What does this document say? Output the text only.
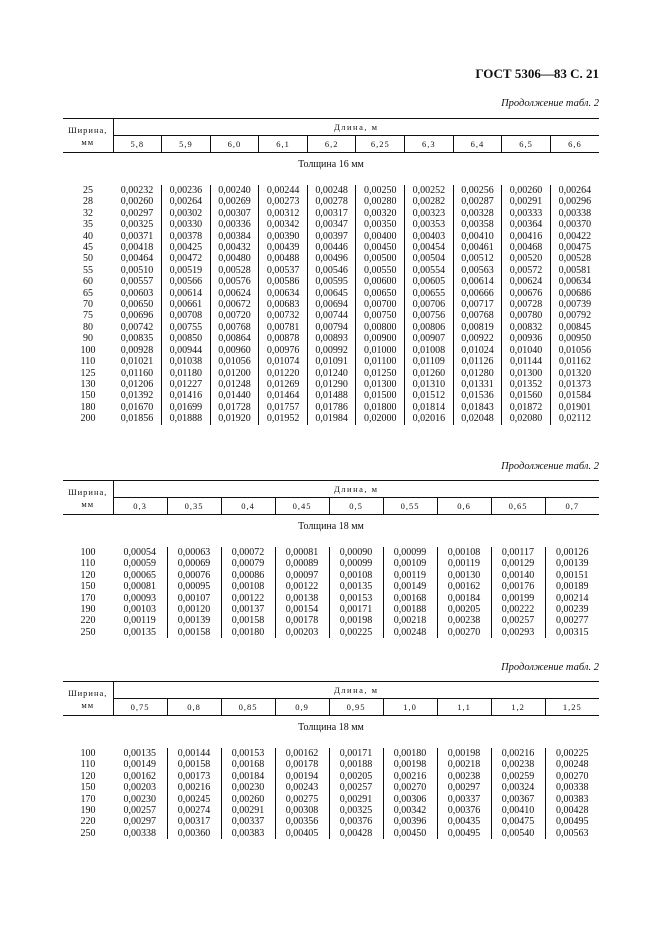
ГОСТ 5306—83 С. 21
Продолжение табл. 2
Ширина,
мм	Длина, м									
	5,8	5,9	6,0	6,1	6,2	6,25	6,3	6,4	6,5	6,6
Толщина 16 мм										

25	0,00232	0,00236	0,00240	0,00244	0,00248	0,00250	0,00252	0,00256	0,00260	0,00264
28	0,00260	0,00264	0,00269	0,00273	0,00278	0,00280	0,00282	0,00287	0,00291	0,00296
32	0,00297	0,00302	0,00307	0,00312	0,00317	0,00320	0,00323	0,00328	0,00333	0,00338
35	0,00325	0,00330	0,00336	0,00342	0,00347	0,00350	0,00353	0,00358	0,00364	0,00370
40	0,00371	0,00378	0,00384	0,00390	0,00397	0,00400	0,00403	0,00410	0,00416	0,00422
45	0,00418	0,00425	0,00432	0,00439	0,00446	0,00450	0,00454	0,00461	0,00468	0,00475
50	0,00464	0,00472	0,00480	0,00488	0,00496	0,00500	0,00504	0,00512	0,00520	0,00528
55	0,00510	0,00519	0,00528	0,00537	0,00546	0,00550	0,00554	0,00563	0,00572	0,00581
60	0,00557	0,00566	0,00576	0,00586	0,00595	0,00600	0,00605	0,00614	0,00624	0,00634
65	0,00603	0,00614	0,00624	0,00634	0,00645	0,00650	0,00655	0,00666	0,00676	0,00686
70	0,00650	0,00661	0,00672	0,00683	0,00694	0,00700	0,00706	0,00717	0,00728	0,00739
75	0,00696	0,00708	0,00720	0,00732	0,00744	0,00750	0,00756	0,00768	0,00780	0,00792
80	0,00742	0,00755	0,00768	0,00781	0,00794	0,00800	0,00806	0,00819	0,00832	0,00845
90	0,00835	0,00850	0,00864	0,00878	0,00893	0,00900	0,00907	0,00922	0,00936	0,00950
100	0,00928	0,00944	0,00960	0,00976	0,00992	0,01000	0,01008	0,01024	0,01040	0,01056
110	0,01021	0,01038	0,01056	0,01074	0,01091	0,01100	0,01109	0,01126	0,01144	0,01162
125	0,01160	0,01180	0,01200	0,01220	0,01240	0,01250	0,01260	0,01280	0,01300	0,01320
130	0,01206	0,01227	0,01248	0,01269	0,01290	0,01300	0,01310	0,01331	0,01352	0,01373
150	0,01392	0,01416	0,01440	0,01464	0,01488	0,01500	0,01512	0,01536	0,01560	0,01584
180	0,01670	0,01699	0,01728	0,01757	0,01786	0,01800	0,01814	0,01843	0,01872	0,01901
200	0,01856	0,01888	0,01920	0,01952	0,01984	0,02000	0,02016	0,02048	0,02080	0,02112
Продолжение табл. 2
Ширина,
мм	Длина, м								
	0,3	0,35	0,4	0,45	0,5	0,55	0,6	0,65	0,7
Толщина 18 мм									

100	0,00054	0,00063	0,00072	0,00081	0,00090	0,00099	0,00108	0,00117	0,00126
110	0,00059	0,00069	0,00079	0,00089	0,00099	0,00109	0,00119	0,00129	0,00139
120	0,00065	0,00076	0,00086	0,00097	0,00108	0,00119	0,00130	0,00140	0,00151
150	0,00081	0,00095	0,00108	0,00122	0,00135	0,00149	0,00162	0,00176	0,00189
170	0,00093	0,00107	0,00122	0,00138	0,00153	0,00168	0,00184	0,00199	0,00214
190	0,00103	0,00120	0,00137	0,00154	0,00171	0,00188	0,00205	0,00222	0,00239
220	0,00119	0,00139	0,00158	0,00178	0,00198	0,00218	0,00238	0,00257	0,00277
250	0,00135	0,00158	0,00180	0,00203	0,00225	0,00248	0,00270	0,00293	0,00315
Продолжение табл. 2
Ширина,
мм	Длина, м								
	0,75	0,8	0,85	0,9	0,95	1,0	1,1	1,2	1,25
Толщина 18 мм									

100	0,00135	0,00144	0,00153	0,00162	0,00171	0,00180	0,00198	0,00216	0,00225
110	0,00149	0,00158	0,00168	0,00178	0,00188	0,00198	0,00218	0,00238	0,00248
120	0,00162	0,00173	0,00184	0,00194	0,00205	0,00216	0,00238	0,00259	0,00270
150	0,00203	0,00216	0,00230	0,00243	0,00257	0,00270	0,00297	0,00324	0,00338
170	0,00230	0,00245	0,00260	0,00275	0,00291	0,00306	0,00337	0,00367	0,00383
190	0,00257	0,00274	0,00291	0,00308	0,00325	0,00342	0,00376	0,00410	0,00428
220	0,00297	0,00317	0,00337	0,00356	0,00376	0,00396	0,00435	0,00475	0,00495
250	0,00338	0,00360	0,00383	0,00405	0,00428	0,00450	0,00495	0,00540	0,00563
